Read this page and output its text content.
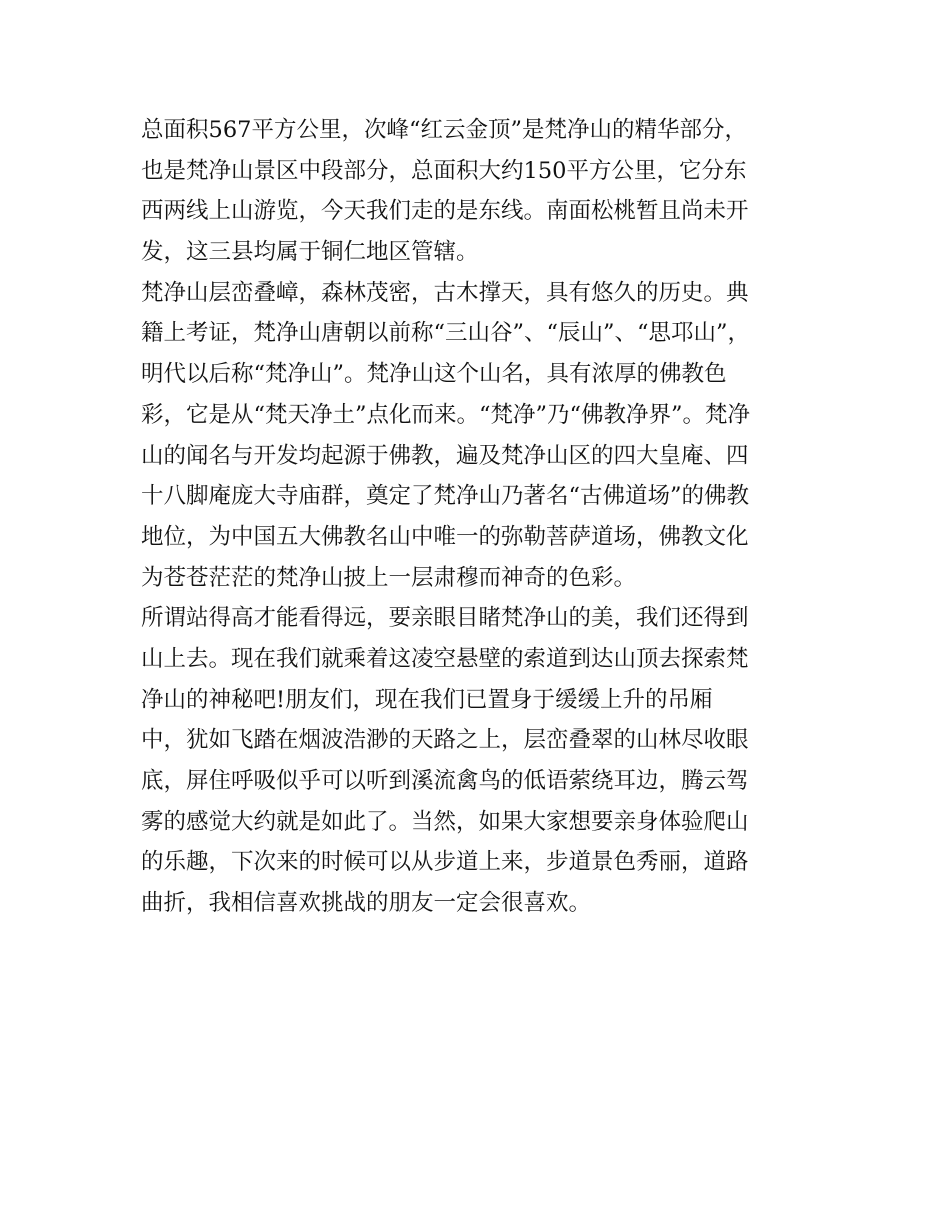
总面积567平方公里，次峰“红云金顶”是梵净山的精华部分，
也是梵净山景区中段部分，总面积大约150平方公里，它分东
西两线上山游览，今天我们走的是东线。南面松桃暂且尚未开
发，这三县均属于铜仁地区管辖。
梵净山层峦叠嶂，森林茂密，古木撑天，具有悠久的历史。典
籍上考证，梵净山唐朝以前称“三山谷”、“辰山”、“思邛山”，
明代以后称“梵净山”。梵净山这个山名，具有浓厚的佛教色
彩，它是从“梵天净土”点化而来。“梵净”乃“佛教净界”。梵净
山的闻名与开发均起源于佛教，遍及梵净山区的四大皇庵、四
十八脚庵庞大寺庙群，奠定了梵净山乃著名“古佛道场”的佛教
地位，为中国五大佛教名山中唯一的弥勒菩萨道场，佛教文化
为苍苍茫茫的梵净山披上一层肃穆而神奇的色彩。
所谓站得高才能看得远，要亲眼目睹梵净山的美，我们还得到
山上去。现在我们就乘着这凌空悬壁的索道到达山顶去探索梵
净山的神秘吧!朋友们，现在我们已置身于缓缓上升的吊厢
中，犹如飞踏在烟波浩渺的天路之上，层峦叠翠的山林尽收眼
底，屏住呼吸似乎可以听到溪流禽鸟的低语萦绕耳边，腾云驾
雾的感觉大约就是如此了。当然，如果大家想要亲身体验爬山
的乐趣，下次来的时候可以从步道上来，步道景色秀丽，道路
曲折，我相信喜欢挑战的朋友一定会很喜欢。
